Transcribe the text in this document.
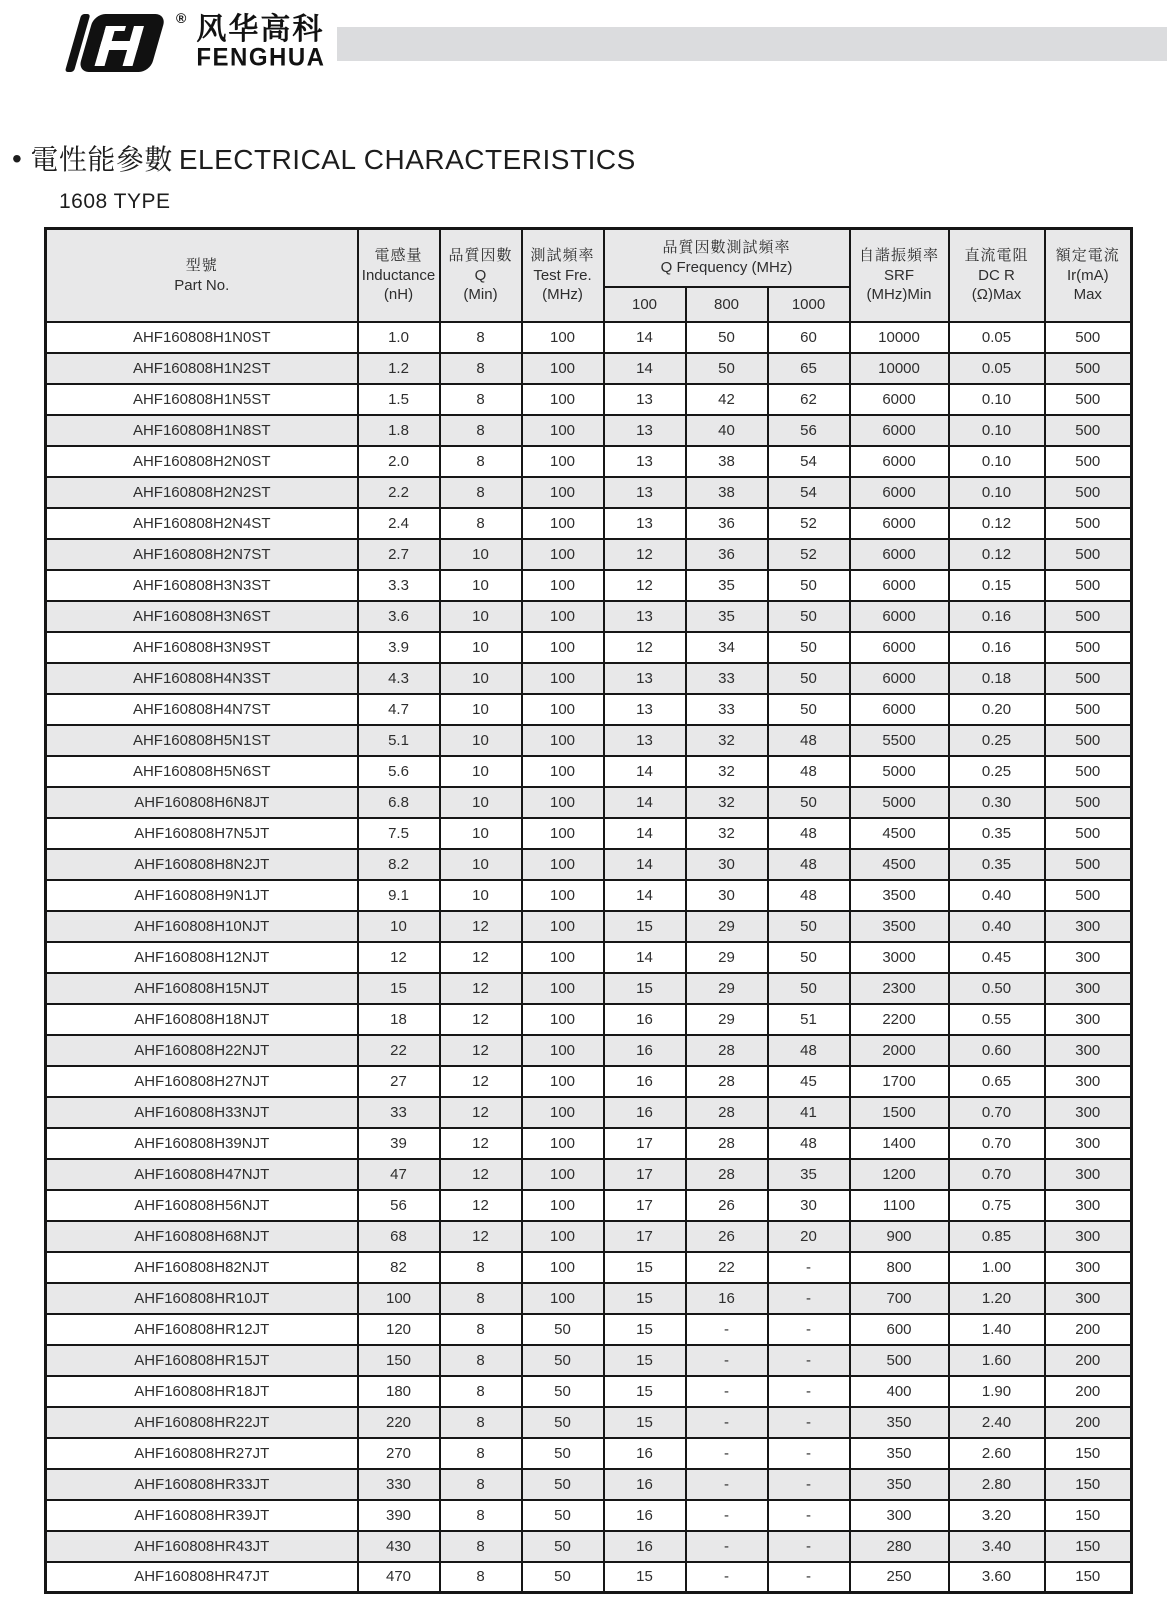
® 风华高科
FENGHUA
• 電性能參數 ELECTRICAL CHARACTERISTICS
1608 TYPE
型號
Part No.	電感量
Inductance
(nH)	品質因數
Q
(Min)	測試頻率
Test Fre.
(MHz)	品質因數測試頻率
Q Frequency (MHz)			自諧振頻率
SRF
(MHz)Min	直流電阻
DC R
(Ω)Max	額定電流
Ir(mA)
Max

				100	800	1000			
AHF160808H1N0ST	1.0	8	100	14	50	60	10000	0.05	500
AHF160808H1N2ST	1.2	8	100	14	50	65	10000	0.05	500
AHF160808H1N5ST	1.5	8	100	13	42	62	6000	0.10	500
AHF160808H1N8ST	1.8	8	100	13	40	56	6000	0.10	500
AHF160808H2N0ST	2.0	8	100	13	38	54	6000	0.10	500
AHF160808H2N2ST	2.2	8	100	13	38	54	6000	0.10	500
AHF160808H2N4ST	2.4	8	100	13	36	52	6000	0.12	500
AHF160808H2N7ST	2.7	10	100	12	36	52	6000	0.12	500
AHF160808H3N3ST	3.3	10	100	12	35	50	6000	0.15	500
AHF160808H3N6ST	3.6	10	100	13	35	50	6000	0.16	500
AHF160808H3N9ST	3.9	10	100	12	34	50	6000	0.16	500
AHF160808H4N3ST	4.3	10	100	13	33	50	6000	0.18	500
AHF160808H4N7ST	4.7	10	100	13	33	50	6000	0.20	500
AHF160808H5N1ST	5.1	10	100	13	32	48	5500	0.25	500
AHF160808H5N6ST	5.6	10	100	14	32	48	5000	0.25	500
AHF160808H6N8JT	6.8	10	100	14	32	50	5000	0.30	500
AHF160808H7N5JT	7.5	10	100	14	32	48	4500	0.35	500
AHF160808H8N2JT	8.2	10	100	14	30	48	4500	0.35	500
AHF160808H9N1JT	9.1	10	100	14	30	48	3500	0.40	500
AHF160808H10NJT	10	12	100	15	29	50	3500	0.40	300
AHF160808H12NJT	12	12	100	14	29	50	3000	0.45	300
AHF160808H15NJT	15	12	100	15	29	50	2300	0.50	300
AHF160808H18NJT	18	12	100	16	29	51	2200	0.55	300
AHF160808H22NJT	22	12	100	16	28	48	2000	0.60	300
AHF160808H27NJT	27	12	100	16	28	45	1700	0.65	300
AHF160808H33NJT	33	12	100	16	28	41	1500	0.70	300
AHF160808H39NJT	39	12	100	17	28	48	1400	0.70	300
AHF160808H47NJT	47	12	100	17	28	35	1200	0.70	300
AHF160808H56NJT	56	12	100	17	26	30	1100	0.75	300
AHF160808H68NJT	68	12	100	17	26	20	900	0.85	300
AHF160808H82NJT	82	8	100	15	22	-	800	1.00	300
AHF160808HR10JT	100	8	100	15	16	-	700	1.20	300
AHF160808HR12JT	120	8	50	15	-	-	600	1.40	200
AHF160808HR15JT	150	8	50	15	-	-	500	1.60	200
AHF160808HR18JT	180	8	50	15	-	-	400	1.90	200
AHF160808HR22JT	220	8	50	15	-	-	350	2.40	200
AHF160808HR27JT	270	8	50	16	-	-	350	2.60	150
AHF160808HR33JT	330	8	50	16	-	-	350	2.80	150
AHF160808HR39JT	390	8	50	16	-	-	300	3.20	150
AHF160808HR43JT	430	8	50	16	-	-	280	3.40	150
AHF160808HR47JT	470	8	50	15	-	-	250	3.60	150
